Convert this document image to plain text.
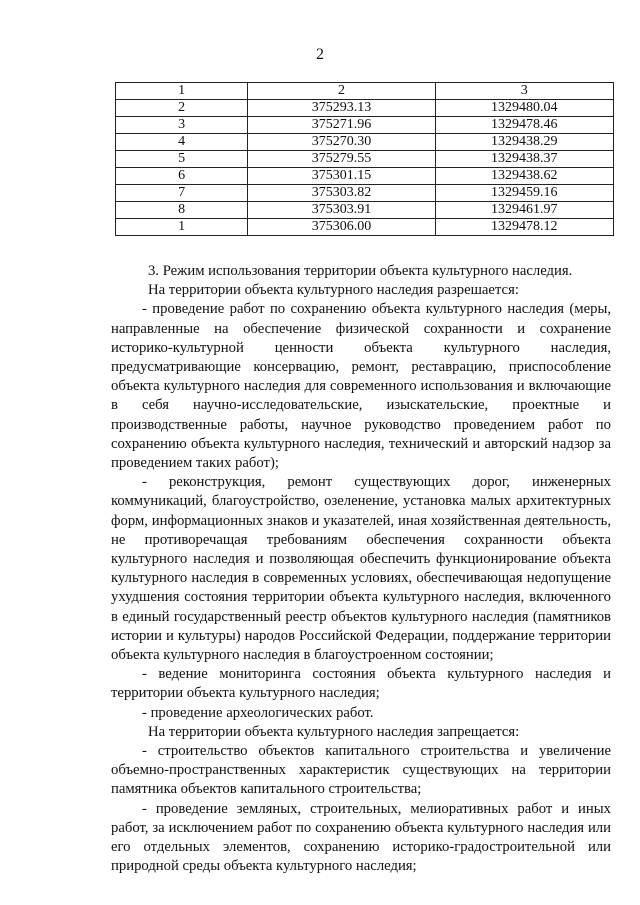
2
1	2	3
2	375293.13	1329480.04
3	375271.96	1329478.46
4	375270.30	1329438.29
5	375279.55	1329438.37
6	375301.15	1329438.62
7	375303.82	1329459.16
8	375303.91	1329461.97
1	375306.00	1329478.12

3. Режим использования территории объекта культурного наследия.

На территории объекта культурного наследия разрешается:

- проведение работ по сохранению объекта культурного наследия (меры, направленные на обеспечение физической сохранности и сохранение историко-культурной ценности объекта культурного наследия, предусматривающие консервацию, ремонт, реставрацию, приспособление объекта культурного наследия для современного использования и включающие в себя научно-исследовательские, изыскательские, проектные и производственные работы, научное руководство проведением работ по сохранению объекта культурного наследия, технический и авторский надзор за проведением таких работ);

- реконструкция, ремонт существующих дорог, инженерных коммуникаций, благоустройство, озеленение, установка малых архитектурных форм, информационных знаков и указателей, иная хозяйственная деятельность, не противоречащая требованиям обеспечения сохранности объекта культурного наследия и позволяющая обеспечить функционирование объекта культурного наследия в современных условиях, обеспечивающая недопущение ухудшения состояния территории объекта культурного наследия, включенного в единый государственный реестр объектов культурного наследия (памятников истории и культуры) народов Российской Федерации, поддержание территории объекта культурного наследия в благоустроенном состоянии;

- ведение мониторинга состояния объекта культурного наследия и территории объекта культурного наследия;

- проведение археологических работ.

На территории объекта культурного наследия запрещается:

- строительство объектов капитального строительства и увеличение объемно-пространственных характеристик существующих на территории памятника объектов капитального строительства;

- проведение земляных, строительных, мелиоративных работ и иных работ, за исключением работ по сохранению объекта культурного наследия или его отдельных элементов, сохранению историко-градостроительной или природной среды объекта культурного наследия;
